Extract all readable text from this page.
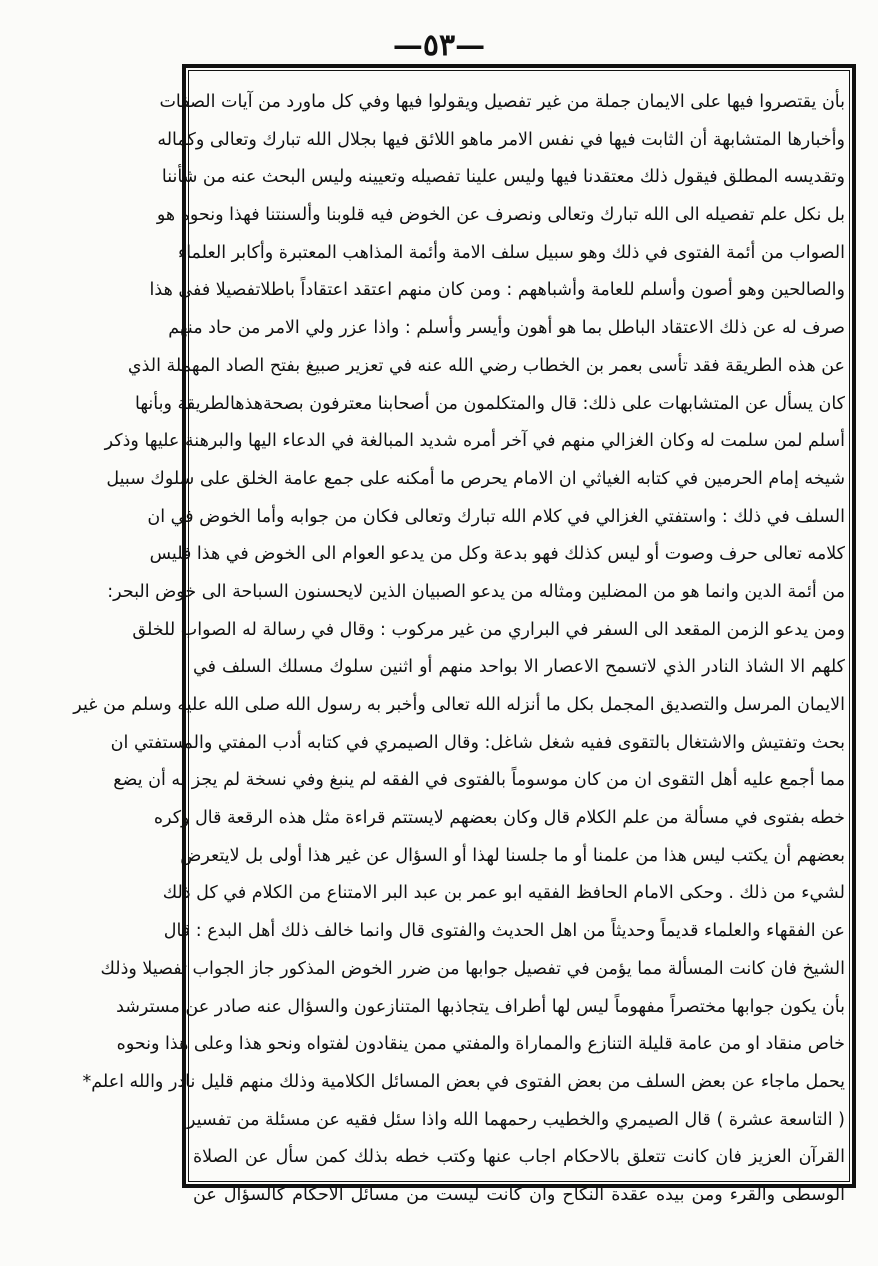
—٥٣—
بأن يقتصروا فيها على الايمان جملة من غير تفصيل ويقولوا فيها وفي كل ماورد من آيات الصفات
وأخبارها المتشابهة أن الثابت فيها في نفس الامر ماهو اللائق فيها بجلال الله تبارك وتعالى وكماله
وتقديسه المطلق فيقول ذلك معتقدنا فيها وليس علينا تفصيله وتعيينه وليس البحث عنه من شأننا
بل نكل علم تفصيله الى الله تبارك وتعالى ونصرف عن الخوض فيه قلوبنا وألسنتنا فهذا ونحوه هو
الصواب من أئمة الفتوى في ذلك وهو سبيل سلف الامة وأئمة المذاهب المعتبرة وأكابر العلماء
والصالحين وهو أصون وأسلم للعامة وأشباههم : ومن كان منهم اعتقد اعتقاداً باطلاتفصيلا ففي هذا
صرف له عن ذلك الاعتقاد الباطل بما هو أهون وأيسر وأسلم : واذا عزر ولي الامر من حاد منهم
عن هذه الطريقة فقد تأسى بعمر بن الخطاب رضي الله عنه في تعزير صبيغ بفتح الصاد المهملة الذي
كان يسأل عن المتشابهات على ذلك: قال والمتكلمون من أصحابنا معترفون بصحةهذهالطريقة وبأنها
أسلم لمن سلمت له وكان الغزالي منهم في آخر أمره شديد المبالغة في الدعاء اليها والبرهنة عليها وذكر
شيخه إمام الحرمين في كتابه الغياثي ان الامام يحرص ما أمكنه على جمع عامة الخلق على سلوك سبيل
السلف في ذلك : واستفتي الغزالي في كلام الله تبارك وتعالى فكان من جوابه وأما الخوض في ان
كلامه تعالى حرف وصوت أو ليس كذلك فهو بدعة وكل من يدعو العوام الى الخوض في هذا فليس
من أئمة الدين وانما هو من المضلين ومثاله من يدعو الصبيان الذين لايحسنون السباحة الى خوض البحر:
ومن يدعو الزمن المقعد الى السفر في البراري من غير مركوب : وقال في رسالة له الصواب للخلق
كلهم الا الشاذ النادر الذي لاتسمح الاعصار الا بواحد منهم أو اثنين سلوك مسلك السلف في
الايمان المرسل والتصديق المجمل بكل ما أنزله الله تعالى وأخبر به رسول الله صلى الله عليه وسلم من غير
بحث وتفتيش والاشتغال بالتقوى ففيه شغل شاغل: وقال الصيمري في كتابه أدب المفتي والمستفتي ان
مما أجمع عليه أهل التقوى ان من كان موسوماً بالفتوى في الفقه لم ينبغ وفي نسخة لم يجز له أن يضع
خطه بفتوى في مسألة من علم الكلام قال وكان بعضهم لايستتم قراءة مثل هذه الرقعة قال وكره
بعضهم أن يكتب ليس هذا من علمنا أو ما جلسنا لهذا أو السؤال عن غير هذا أولى بل لايتعرض
لشيء من ذلك . وحكى الامام الحافظ الفقيه ابو عمر بن عبد البر الامتناع من الكلام في كل ذلك
عن الفقهاء والعلماء قديماً وحديثاً من اهل الحديث والفتوى قال وانما خالف ذلك أهل البدع : قال
الشيخ فان كانت المسألة مما يؤمن في تفصيل جوابها من ضرر الخوض المذكور جاز الجواب تفصيلا وذلك
بأن يكون جوابها مختصراً مفهوماً ليس لها أطراف يتجاذبها المتنازعون والسؤال عنه صادر عن مسترشد
خاص منقاد او من عامة قليلة التنازع والمماراة والمفتي ممن ينقادون لفتواه ونحو هذا وعلى هذا ونحوه
يحمل ماجاء عن بعض السلف من بعض الفتوى في بعض المسائل الكلامية وذلك منهم قليل نادر والله اعلم*
( التاسعة عشرة ) قال الصيمري والخطيب رحمهما الله واذا سئل فقيه عن مسئلة من تفسير
القرآن العزيز فان كانت تتعلق بالاحكام اجاب عنها وكتب خطه بذلك كمن سأل عن الصلاة
الوسطى والقرء ومن بيده عقدة النكاح وان كانت ليست من مسائل الاحكام كالسؤال عن
